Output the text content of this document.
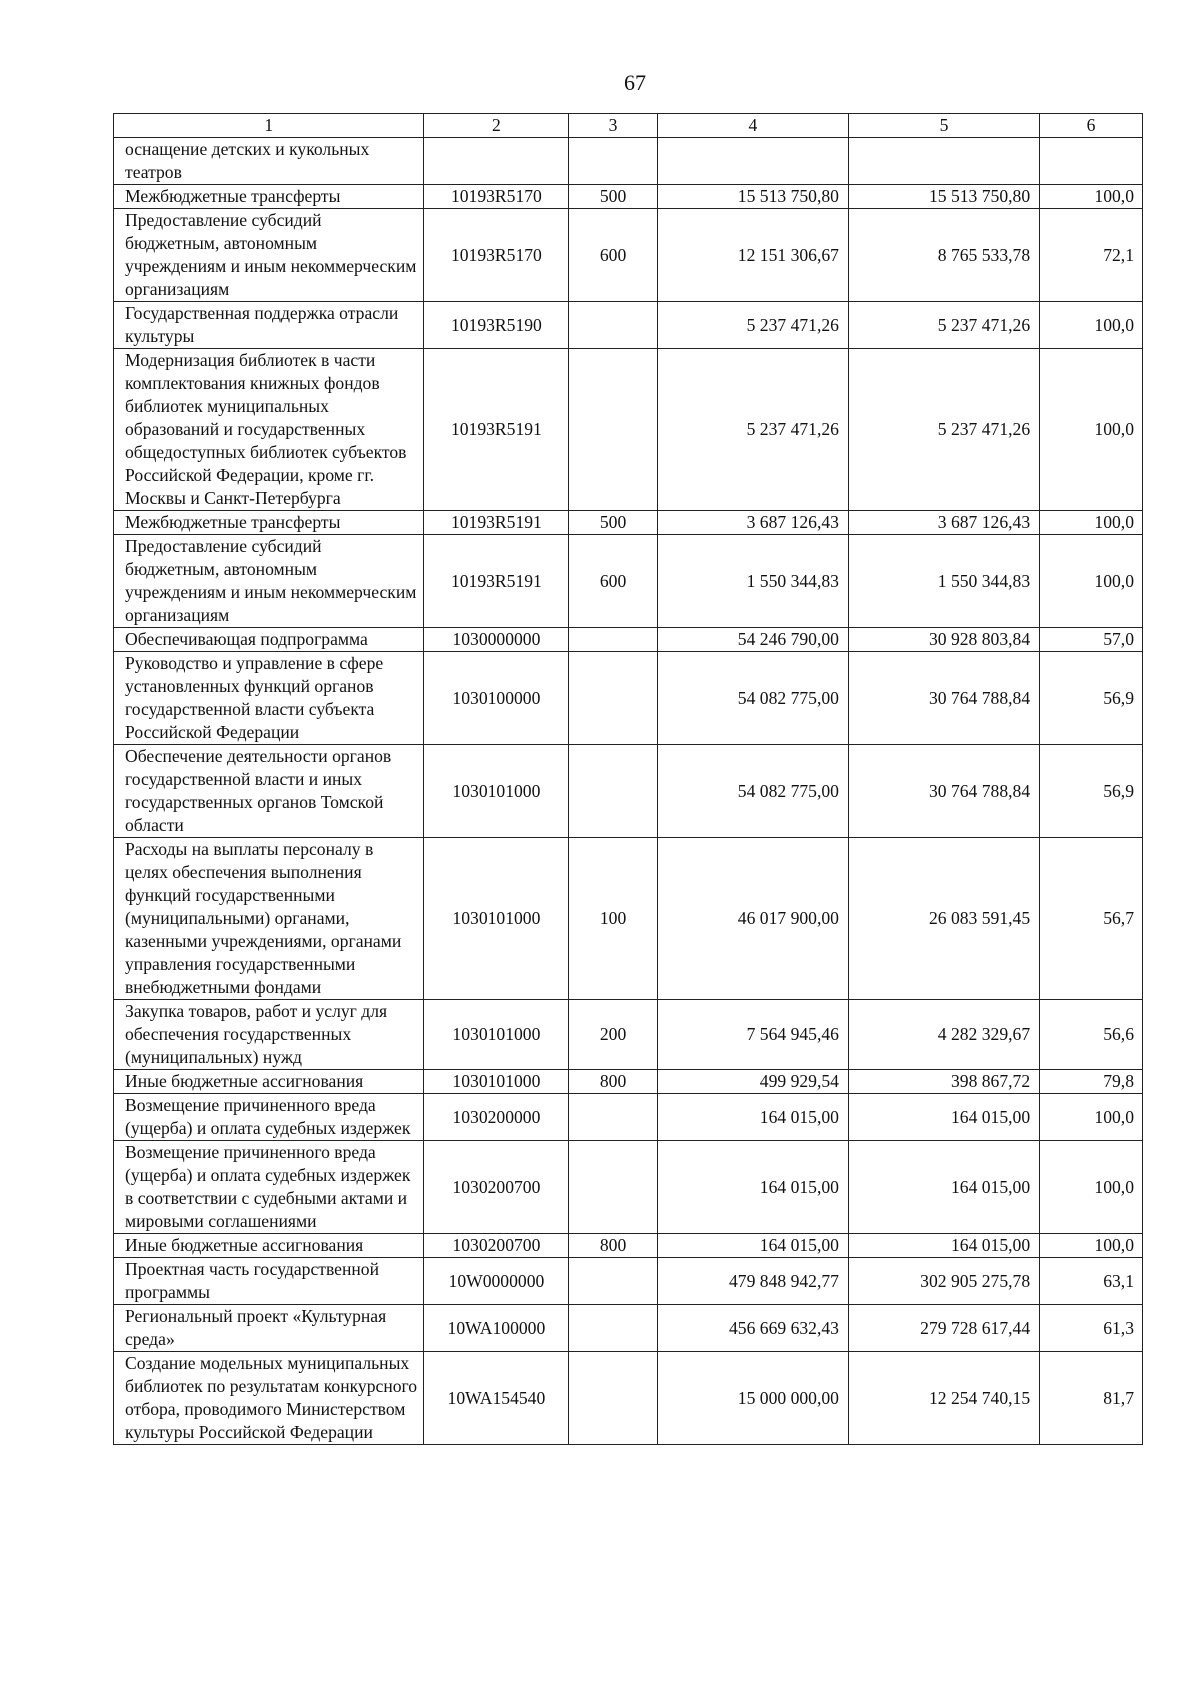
67
1	2	3	4	5	6
оснащение детских и кукольных театров					
Межбюджетные трансферты	10193R5170	500	15 513 750,80	15 513 750,80	100,0
Предоставление субсидий бюджетным, автономным учреждениям и иным некоммерческим организациям	10193R5170	600	12 151 306,67	8 765 533,78	72,1
Государственная поддержка отрасли культуры	10193R5190		5 237 471,26	5 237 471,26	100,0
Модернизация библиотек в части комплектования книжных фондов библиотек муниципальных образований и государственных общедоступных библиотек субъектов Российской Федерации, кроме гг. Москвы и Санкт-Петербурга	10193R5191		5 237 471,26	5 237 471,26	100,0
Межбюджетные трансферты	10193R5191	500	3 687 126,43	3 687 126,43	100,0
Предоставление субсидий бюджетным, автономным учреждениям и иным некоммерческим организациям	10193R5191	600	1 550 344,83	1 550 344,83	100,0
Обеспечивающая подпрограмма	1030000000		54 246 790,00	30 928 803,84	57,0
Руководство и управление в сфере установленных функций органов государственной власти субъекта Российской Федерации	1030100000		54 082 775,00	30 764 788,84	56,9
Обеспечение деятельности органов государственной власти и иных государственных органов Томской области	1030101000		54 082 775,00	30 764 788,84	56,9
Расходы на выплаты персоналу в целях обеспечения выполнения функций государственными (муниципальными) органами, казенными учреждениями, органами управления государственными внебюджетными фондами	1030101000	100	46 017 900,00	26 083 591,45	56,7
Закупка товаров, работ и услуг для обеспечения государственных (муниципальных) нужд	1030101000	200	7 564 945,46	4 282 329,67	56,6
Иные бюджетные ассигнования	1030101000	800	499 929,54	398 867,72	79,8
Возмещение причиненного вреда (ущерба) и оплата судебных издержек	1030200000		164 015,00	164 015,00	100,0
Возмещение причиненного вреда (ущерба) и оплата судебных издержек в соответствии с судебными актами и мировыми соглашениями	1030200700		164 015,00	164 015,00	100,0
Иные бюджетные ассигнования	1030200700	800	164 015,00	164 015,00	100,0
Проектная часть государственной программы	10W0000000		479 848 942,77	302 905 275,78	63,1
Региональный проект «Культурная среда»	10WA100000		456 669 632,43	279 728 617,44	61,3
Создание модельных муниципальных библиотек по результатам конкурсного отбора, проводимого Министерством культуры Российской Федерации	10WA154540		15 000 000,00	12 254 740,15	81,7
